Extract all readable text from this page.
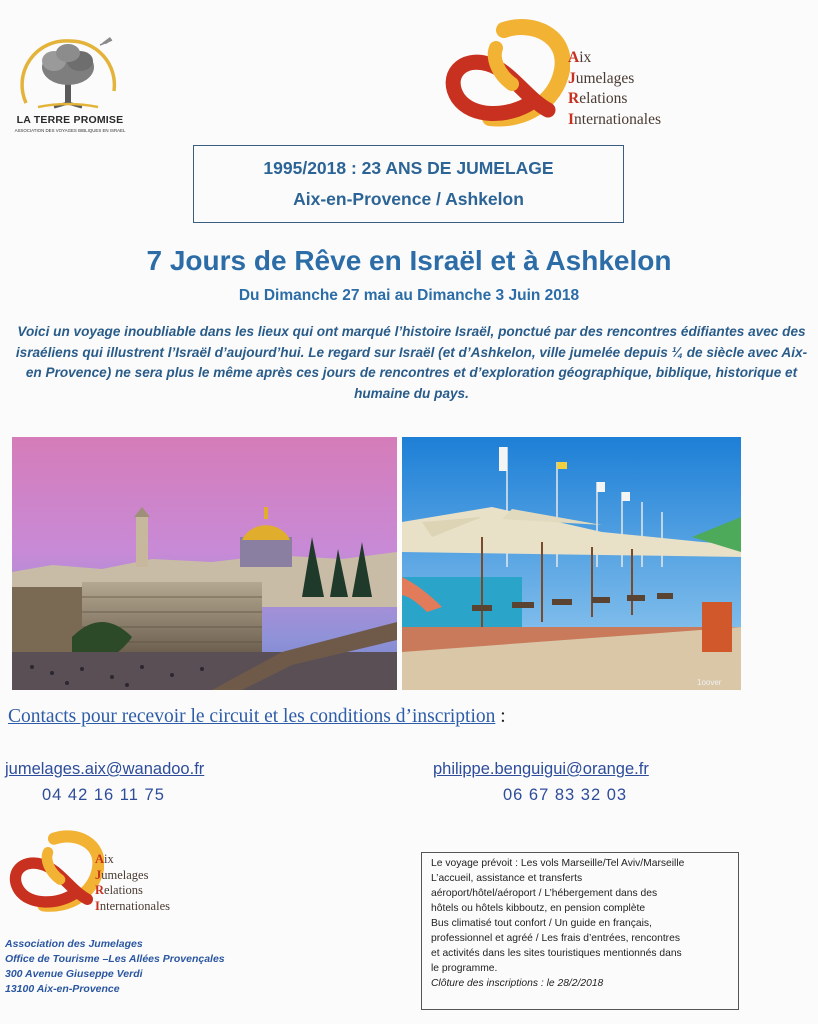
LA TERRE PROMISE
ASSOCIATION DES VOYAGES BIBLIQUES EN ISRAEL
Aix
Jumelages
Relations
Internationales
1995/2018 : 23 ANS DE JUMELAGE
Aix-en-Provence / Ashkelon
7 Jours de Rêve en Israël et à Ashkelon
Du Dimanche 27 mai au Dimanche 3 Juin 2018
Voici un voyage inoubliable dans les lieux qui ont marqué l’histoire Israël, ponctué par des rencontres édifiantes avec des israéliens qui illustrent l’Israël d’aujourd’hui. Le regard sur Israël (et d’Ashkelon, ville jumelée depuis ¼ de siècle avec Aix-en Provence) ne sera plus le même après ces jours de rencontres et d’exploration géographique, biblique, historique et humaine du pays.
1oover
Contacts pour recevoir le circuit et les conditions d’inscription :
jumelages.aix@wanadoo.fr
04 42 16 11 75
philippe.benguigui@orange.fr
06 67 83 32 03
Aix
Jumelages
Relations
Internationales
Association des Jumelages
Office de Tourisme –Les Allées Provençales
300 Avenue Giuseppe Verdi
13100 Aix-en-Provence
Le voyage prévoit : Les vols Marseille/Tel Aviv/Marseille
L’accueil, assistance et transferts
aéroport/hôtel/aéroport / L’hébergement dans des
hôtels ou hôtels kibboutz, en pension complète
Bus climatisé tout confort / Un guide en français,
professionnel et agréé / Les frais d’entrées, rencontres
et activités dans les sites touristiques mentionnés dans
le programme.
Clôture des inscriptions : le 28/2/2018
